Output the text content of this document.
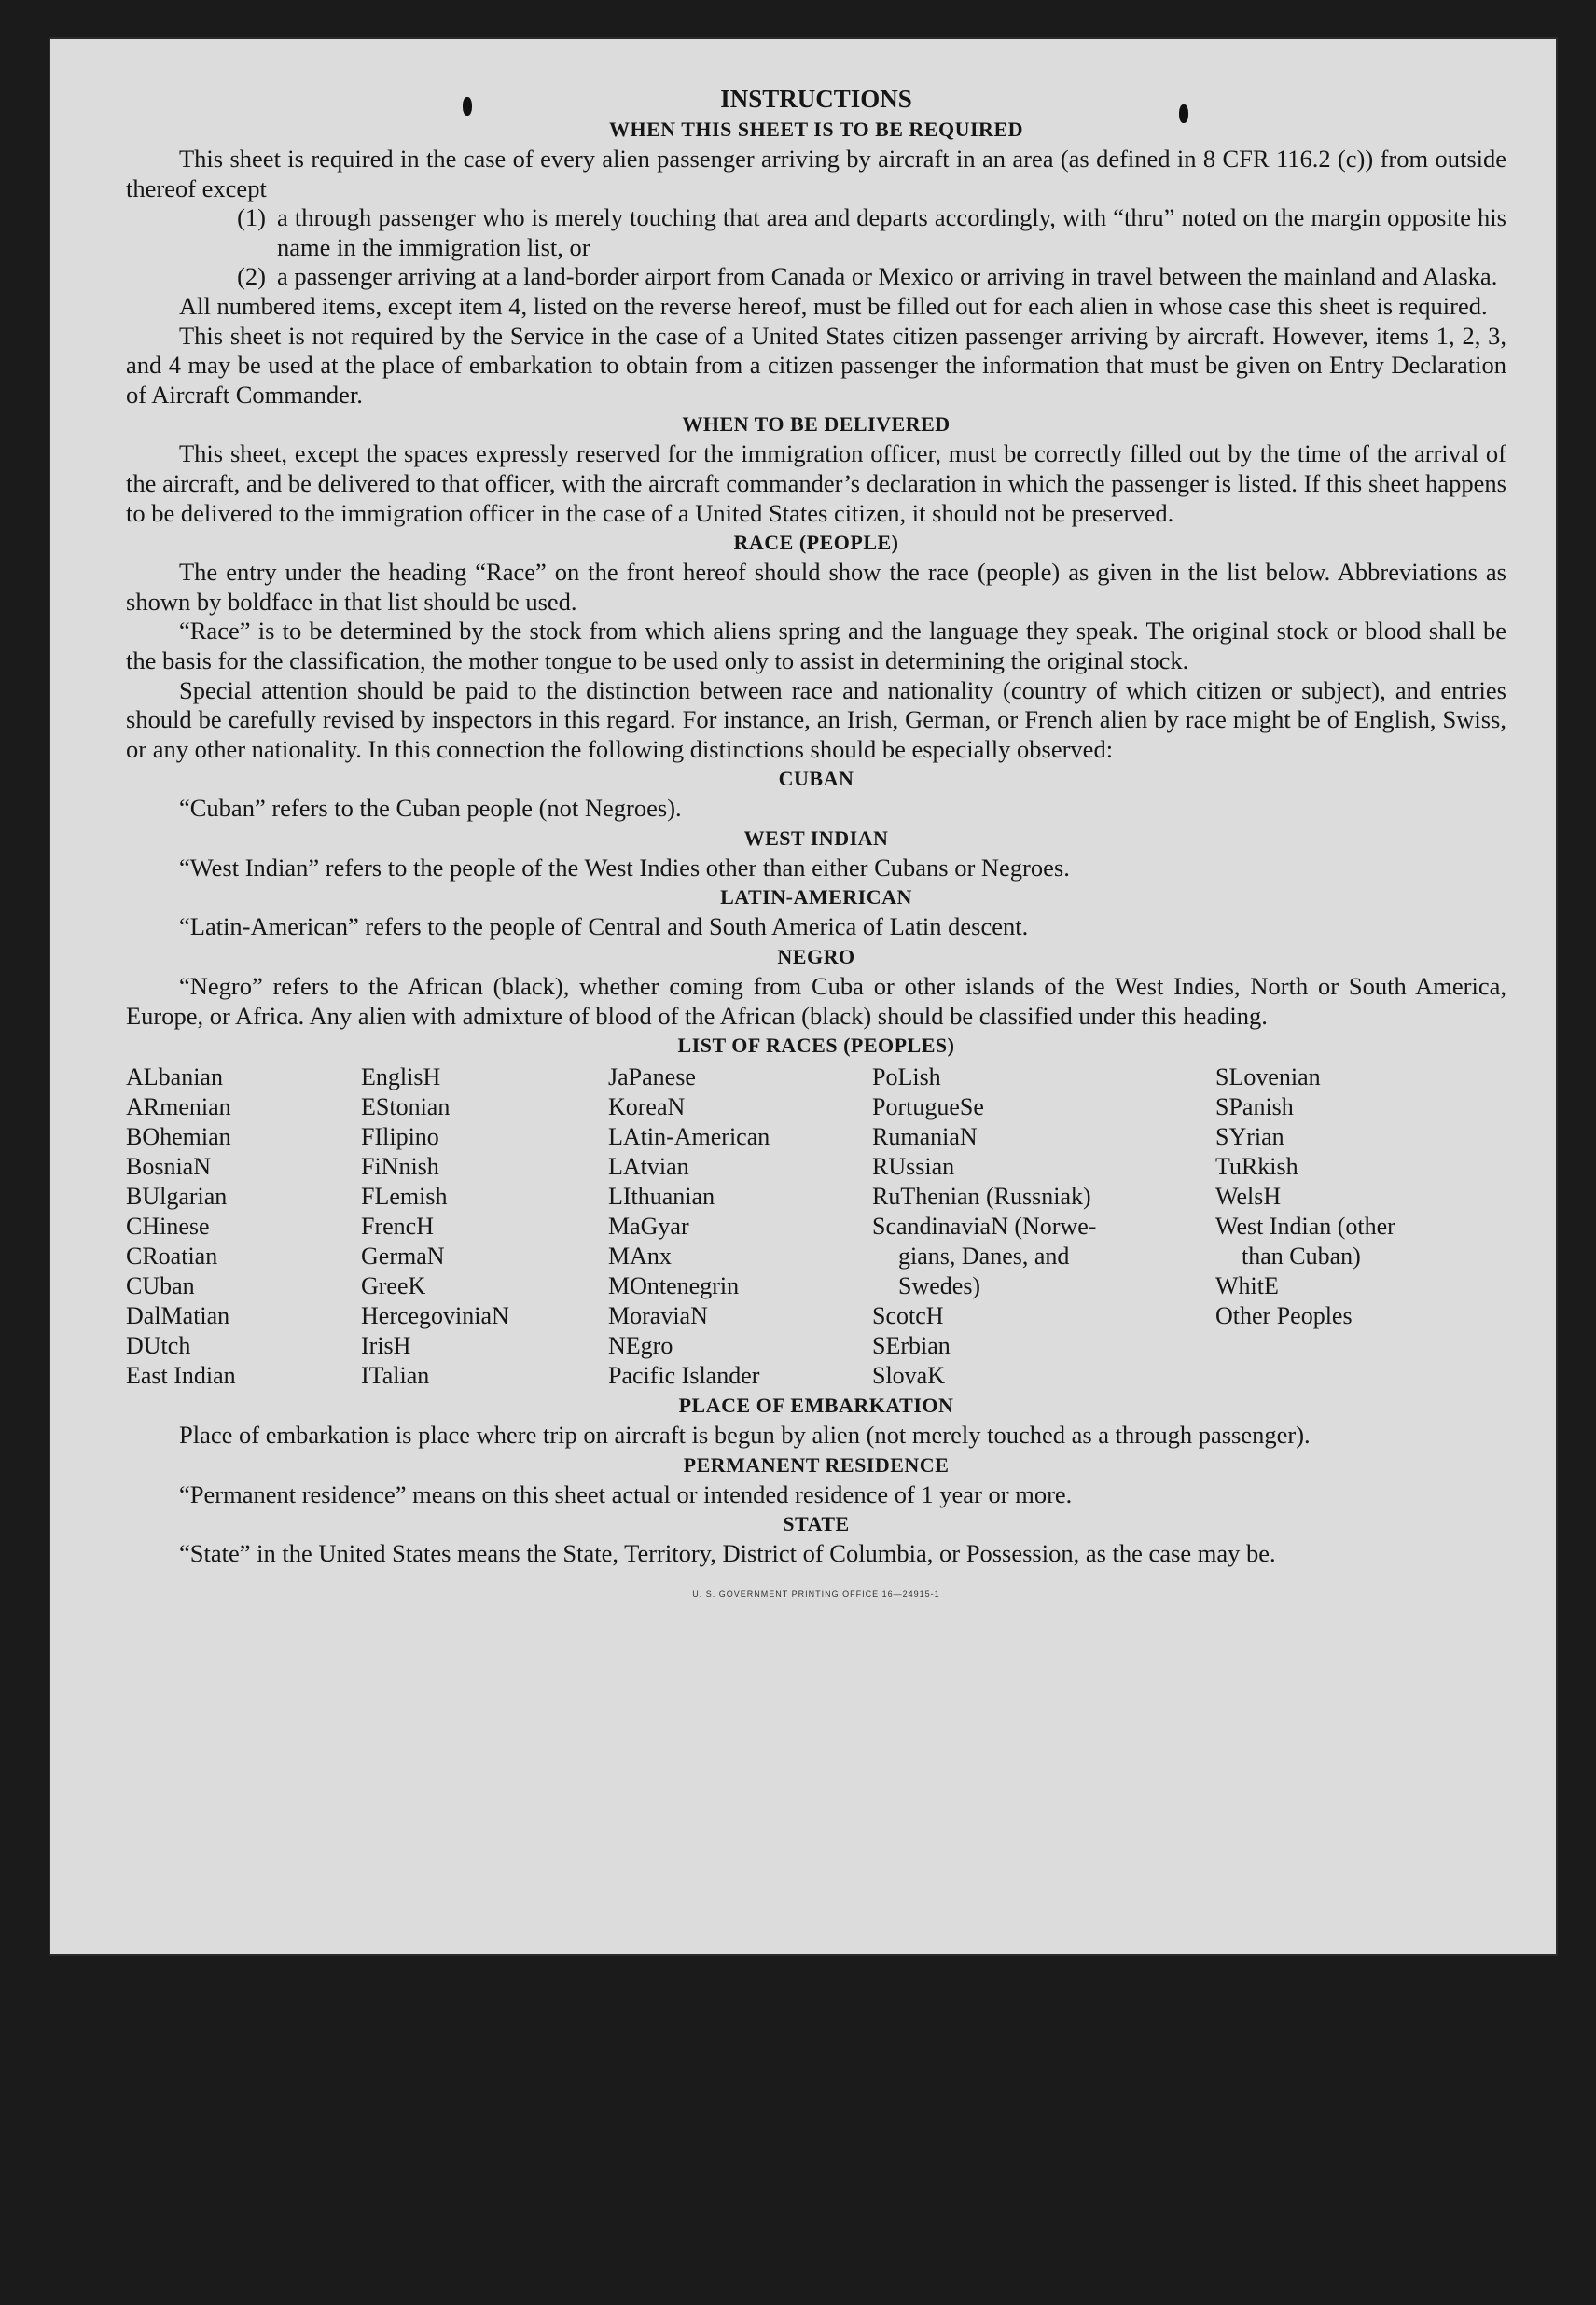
INSTRUCTIONS
WHEN THIS SHEET IS TO BE REQUIRED

This sheet is required in the case of every alien passenger arriving by aircraft in an area (as defined in 8 CFR 116.2 (c)) from outside thereof except

(1) a through passenger who is merely touching that area and departs accordingly, with “thru” noted on the margin opposite his name in the immigration list, or
(2) a passenger arriving at a land-border airport from Canada or Mexico or arriving in travel between the mainland and Alaska.

All numbered items, except item 4, listed on the reverse hereof, must be filled out for each alien in whose case this sheet is required.

This sheet is not required by the Service in the case of a United States citizen passenger arriving by aircraft. However, items 1, 2, 3, and 4 may be used at the place of embarkation to obtain from a citizen passenger the information that must be given on Entry Declaration of Aircraft Commander.

WHEN TO BE DELIVERED

This sheet, except the spaces expressly reserved for the immigration officer, must be correctly filled out by the time of the arrival of the aircraft, and be delivered to that officer, with the aircraft commander’s declaration in which the passenger is listed. If this sheet happens to be delivered to the immigration officer in the case of a United States citizen, it should not be preserved.

RACE (PEOPLE)

The entry under the heading “Race” on the front hereof should show the race (people) as given in the list below. Abbreviations as shown by boldface in that list should be used.

“Race” is to be determined by the stock from which aliens spring and the language they speak. The original stock or blood shall be the basis for the classification, the mother tongue to be used only to assist in determining the original stock.

Special attention should be paid to the distinction between race and nationality (country of which citizen or subject), and entries should be carefully revised by inspectors in this regard. For instance, an Irish, German, or French alien by race might be of English, Swiss, or any other nationality. In this connection the following distinctions should be especially observed:

CUBAN

“Cuban” refers to the Cuban people (not Negroes).

WEST INDIAN

“West Indian” refers to the people of the West Indies other than either Cubans or Negroes.

LATIN-AMERICAN

“Latin-American” refers to the people of Central and South America of Latin descent.

NEGRO

“Negro” refers to the African (black), whether coming from Cuba or other islands of the West Indies, North or South America, Europe, or Africa. Any alien with admixture of blood of the African (black) should be classified under this heading.

LIST OF RACES (PEOPLES)
ALbanian
ARmenian
BOhemian
BosniaN
BUlgarian
CHinese
CRoatian
CUban
DalMatian
DUtch
East Indian
EnglisH
EStonian
FIlipino
FiNnish
FLemish
FrencH
GermaN
GreeK
HercegoviniaN
IrisH
ITalian
JaPanese
KoreaN
LAtin-American
LAtvian
LIthuanian
MaGyar
MAnx
MOntenegrin
MoraviaN
NEgro
Pacific Islander
PoLish
PortugueSe
RumaniaN
RUssian
RuThenian (Russniak)
ScandinaviaN (Norwe-
gians, Danes, and
Swedes)
ScotcH
SErbian
SlovaK
SLovenian
SPanish
SYrian
TuRkish
WelsH
West Indian (other
than Cuban)
WhitE
Other Peoples
PLACE OF EMBARKATION

Place of embarkation is place where trip on aircraft is begun by alien (not merely touched as a through passenger).

PERMANENT RESIDENCE

“Permanent residence” means on this sheet actual or intended residence of 1 year or more.

STATE

“State” in the United States means the State, Territory, District of Columbia, or Possession, as the case may be.

U. S. GOVERNMENT PRINTING OFFICE 16—24915-1
